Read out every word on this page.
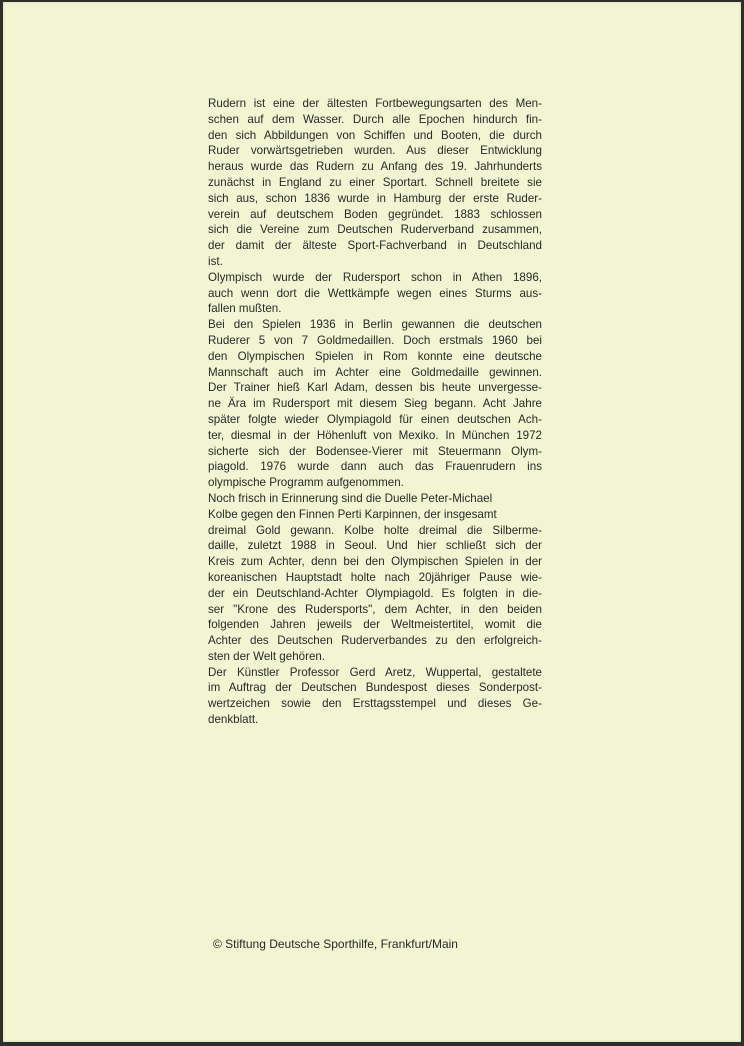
Rudern ist eine der ältesten Fortbewegungsarten des Men-
schen auf dem Wasser. Durch alle Epochen hindurch fin-
den sich Abbildungen von Schiffen und Booten, die durch
Ruder vorwärtsgetrieben wurden. Aus dieser Entwicklung
heraus wurde das Rudern zu Anfang des 19. Jahrhunderts
zunächst in England zu einer Sportart. Schnell breitete sie
sich aus, schon 1836 wurde in Hamburg der erste Ruder-
verein auf deutschem Boden gegründet. 1883 schlossen
sich die Vereine zum Deutschen Ruderverband zusammen,
der damit der älteste Sport-Fachverband in Deutschland
ist.
Olympisch wurde der Rudersport schon in Athen 1896,
auch wenn dort die Wettkämpfe wegen eines Sturms aus-
fallen mußten.
Bei den Spielen 1936 in Berlin gewannen die deutschen
Ruderer 5 von 7 Goldmedaillen. Doch erstmals 1960 bei
den Olympischen Spielen in Rom konnte eine deutsche
Mannschaft auch im Achter eine Goldmedaille gewinnen.
Der Trainer hieß Karl Adam, dessen bis heute unvergesse-
ne Ära im Rudersport mit diesem Sieg begann. Acht Jahre
später folgte wieder Olympiagold für einen deutschen Ach-
ter, diesmal in der Höhenluft von Mexiko. In München 1972
sicherte sich der Bodensee-Vierer mit Steuermann Olym-
piagold. 1976 wurde dann auch das Frauenrudern ins
olympische Programm aufgenommen.
Noch frisch in Erinnerung sind die Duelle Peter-Michael
Kolbe gegen den Finnen Perti Karpinnen, der insgesamt
dreimal Gold gewann. Kolbe holte dreimal die Silberme-
daille, zuletzt 1988 in Seoul. Und hier schließt sich der
Kreis zum Achter, denn bei den Olympischen Spielen in der
koreanischen Hauptstadt holte nach 20jähriger Pause wie-
der ein Deutschland-Achter Olympiagold. Es folgten in die-
ser "Krone des Rudersports", dem Achter, in den beiden
folgenden Jahren jeweils der Weltmeistertitel, womit die
Achter des Deutschen Ruderverbandes zu den erfolgreich-
sten der Welt gehören.
Der Künstler Professor Gerd Aretz, Wuppertal, gestaltete
im Auftrag der Deutschen Bundespost dieses Sonderpost-
wertzeichen sowie den Ersttagsstempel und dieses Ge-
denkblatt.
© Stiftung Deutsche Sporthilfe, Frankfurt/Main
